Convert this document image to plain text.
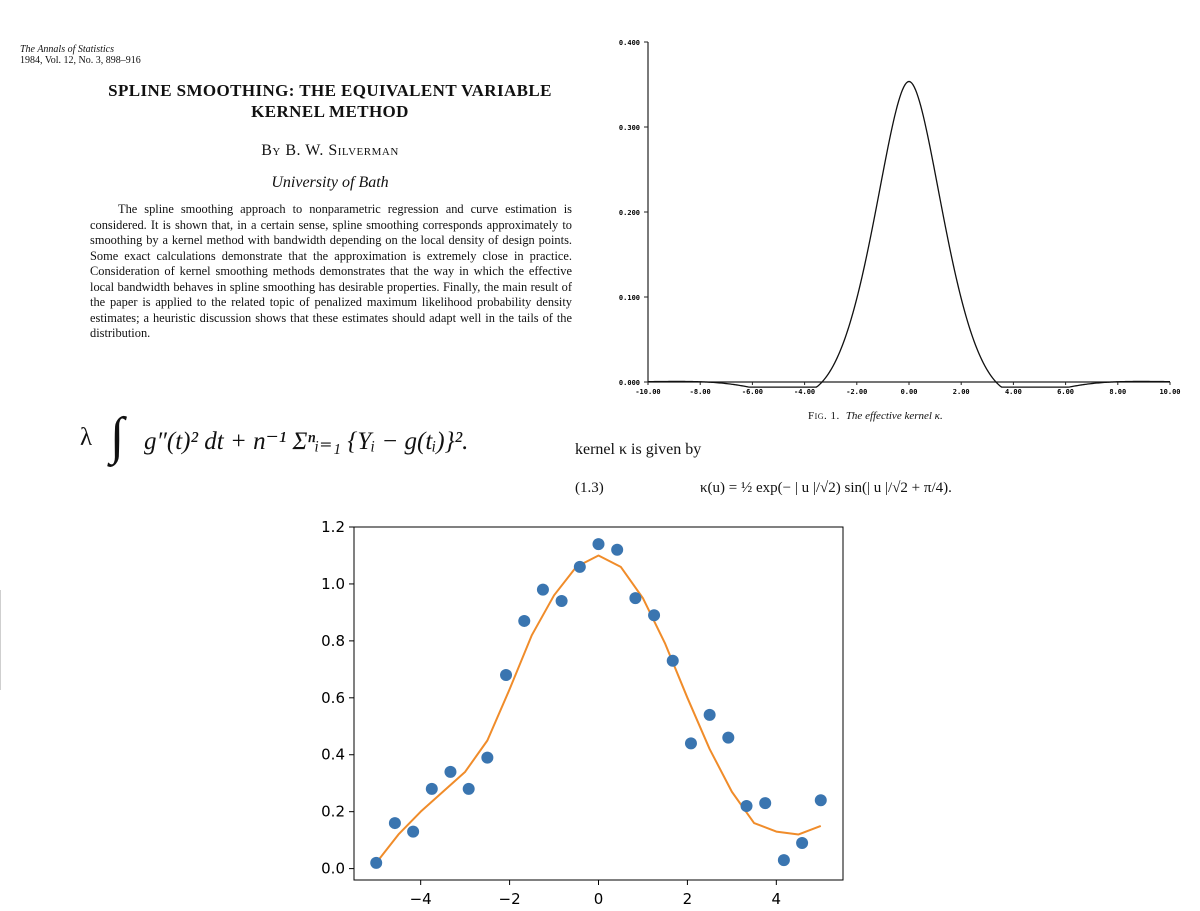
The Annals of Statistics
1984, Vol. 12, No. 3, 898–916
SPLINE SMOOTHING: THE EQUIVALENT VARIABLE
KERNEL METHOD
By B. W. Silverman
University of Bath

The spline smoothing approach to nonparametric regression and curve estimation is considered. It is shown that, in a certain sense, spline smoothing corresponds approximately to smoothing by a kernel method with bandwidth depending on the local density of design points. Some exact calculations demonstrate that the approximation is extremely close in practice. Consideration of kernel smoothing methods demonstrates that the way in which the effective local bandwidth behaves in spline smoothing has desirable properties. Finally, the main result of the paper is applied to the related topic of penalized maximum likelihood probability density estimates; a heuristic discussion shows that these estimates should adapt well in the tails of the distribution.

λ ∫ g″(t)² dt + n⁻¹ Σⁿᵢ₌₁ {Yᵢ − g(tᵢ)}².	kernel κ is given by
(1.3)	κ(u) = ½ exp(− | u |/√2) sin(| u |/√2 + π/4).
0.000
0.100
0.200
0.300
0.400
-10.00	-8.00	-6.00	-4.00	-2.00	0.00	2.00	4.00	6.00	8.00	10.00
Fig. 1. The effective kernel κ.
0.0
0.2
0.4
0.6
0.8
1.0
1.2
−4	−2	0	2	4
